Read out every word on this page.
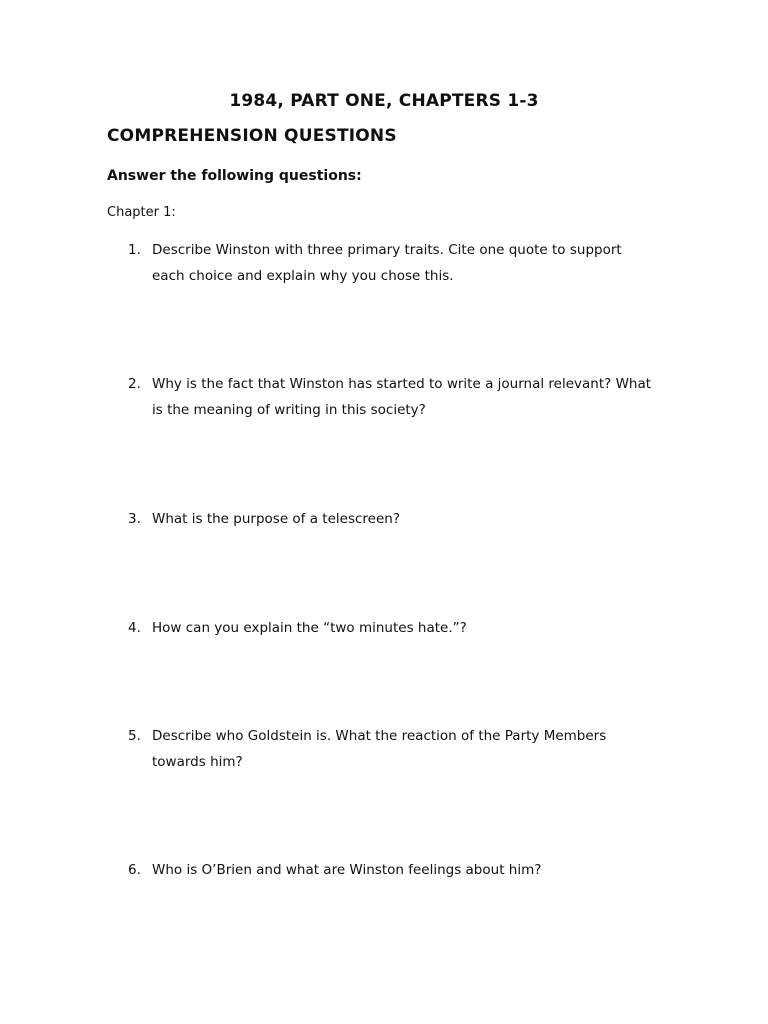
1984, PART ONE, CHAPTERS 1-3
COMPREHENSION QUESTIONS
Answer the following questions:
Chapter 1:
1. Describe Winston with three primary traits. Cite one quote to support each choice and explain why you chose this.
2. Why is the fact that Winston has started to write a journal relevant? What is the meaning of writing in this society?
3. What is the purpose of a telescreen?
4. How can you explain the “two minutes hate.”?
5. Describe who Goldstein is. What the reaction of the Party Members towards him?
6. Who is O’Brien and what are Winston feelings about him?
